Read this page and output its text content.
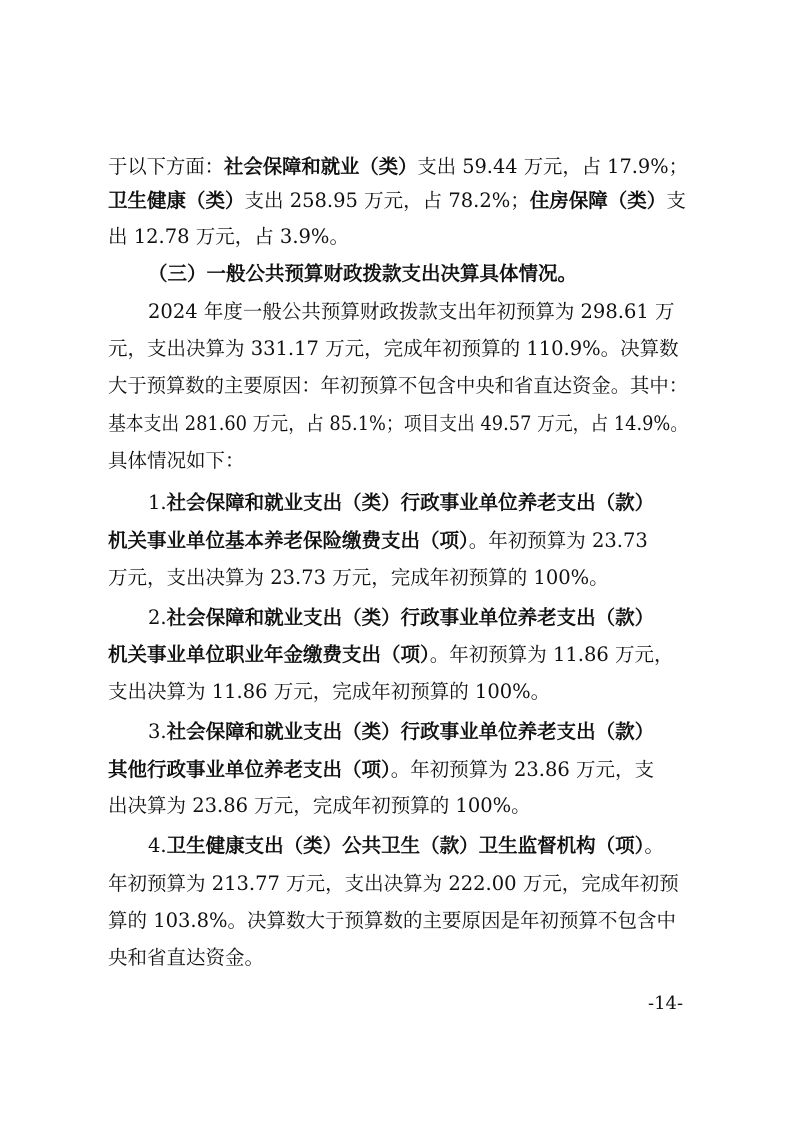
于以下方面：社会保障和就业（类）支出 59.44 万元，占 17.9%；
卫生健康（类）支出 258.95 万元，占 78.2%；住房保障（类）支
出 12.78 万元，占 3.9%。
（三）一般公共预算财政拨款支出决算具体情况。
2024 年度一般公共预算财政拨款支出年初预算为 298.61 万
元，支出决算为 331.17 万元，完成年初预算的 110.9%。决算数
大于预算数的主要原因：年初预算不包含中央和省直达资金。其中：
基本支出 281.60 万元，占 85.1%；项目支出 49.57 万元，占 14.9%。
具体情况如下：
1.社会保障和就业支出（类）行政事业单位养老支出（款）
机关事业单位基本养老保险缴费支出（项）。年初预算为 23.73
万元，支出决算为 23.73 万元，完成年初预算的 100%。
2.社会保障和就业支出（类）行政事业单位养老支出（款）
机关事业单位职业年金缴费支出（项）。年初预算为 11.86 万元，
支出决算为 11.86 万元，完成年初预算的 100%。
3.社会保障和就业支出（类）行政事业单位养老支出（款）
其他行政事业单位养老支出（项）。年初预算为 23.86 万元，支
出决算为 23.86 万元，完成年初预算的 100%。
4.卫生健康支出（类）公共卫生（款）卫生监督机构（项）。
年初预算为 213.77 万元，支出决算为 222.00 万元，完成年初预
算的 103.8%。决算数大于预算数的主要原因是年初预算不包含中
央和省直达资金。
-14-
